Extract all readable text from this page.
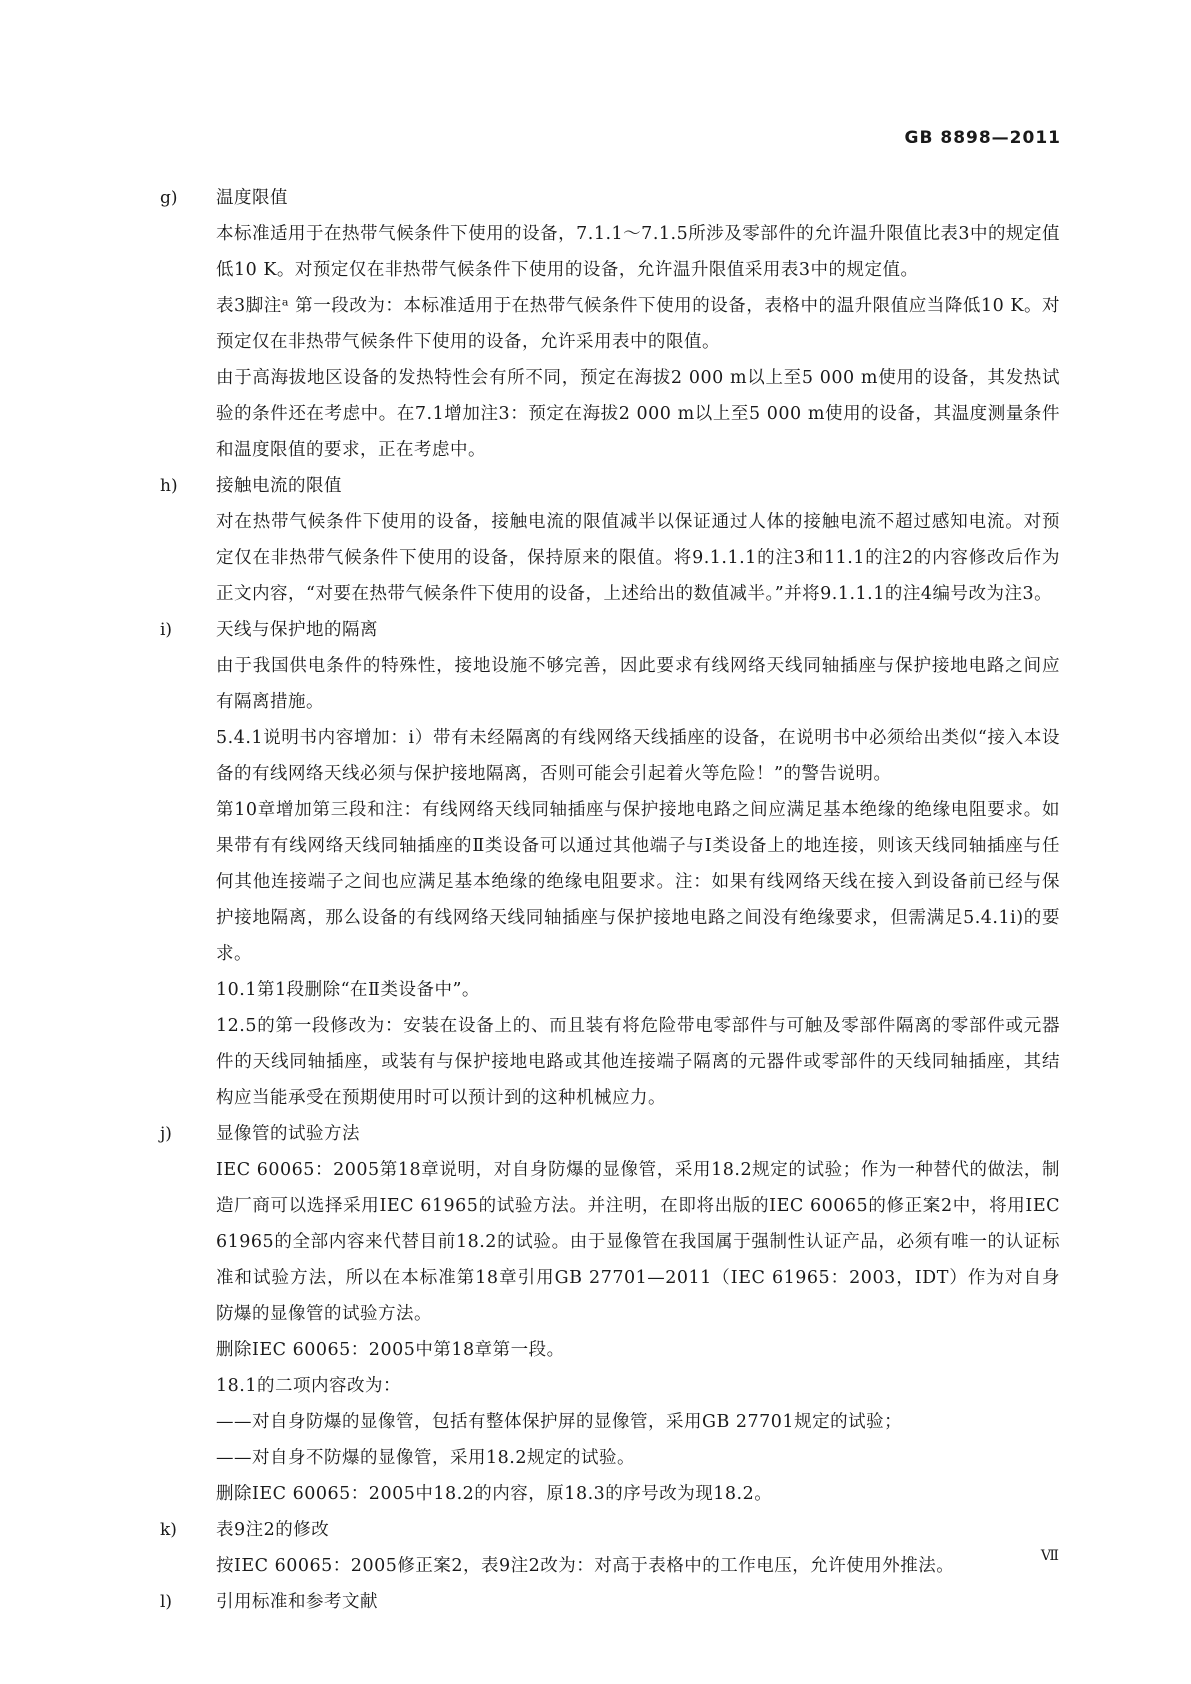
GB 8898—2011
g) 温度限值

本标准适用于在热带气候条件下使用的设备，7.1.1～7.1.5所涉及零部件的允许温升限值比表3中的规定值低10 K。对预定仅在非热带气候条件下使用的设备，允许温升限值采用表3中的规定值。

表3脚注ᵃ 第一段改为：本标准适用于在热带气候条件下使用的设备，表格中的温升限值应当降低10 K。对预定仅在非热带气候条件下使用的设备，允许采用表中的限值。

由于高海拔地区设备的发热特性会有所不同，预定在海拔2 000 m以上至5 000 m使用的设备，其发热试验的条件还在考虑中。在7.1增加注3：预定在海拔2 000 m以上至5 000 m使用的设备，其温度测量条件和温度限值的要求，正在考虑中。

h) 接触电流的限值

对在热带气候条件下使用的设备，接触电流的限值减半以保证通过人体的接触电流不超过感知电流。对预定仅在非热带气候条件下使用的设备，保持原来的限值。将9.1.1.1的注3和11.1的注2的内容修改后作为正文内容，“对要在热带气候条件下使用的设备，上述给出的数值减半。”并将9.1.1.1的注4编号改为注3。

i)	天线与保护地的隔离

由于我国供电条件的特殊性，接地设施不够完善，因此要求有线网络天线同轴插座与保护接地电路之间应有隔离措施。

5.4.1说明书内容增加：i）带有未经隔离的有线网络天线插座的设备，在说明书中必须给出类似“接入本设备的有线网络天线必须与保护接地隔离，否则可能会引起着火等危险！”的警告说明。

第10章增加第三段和注：有线网络天线同轴插座与保护接地电路之间应满足基本绝缘的绝缘电阻要求。如果带有有线网络天线同轴插座的Ⅱ类设备可以通过其他端子与Ⅰ类设备上的地连接，则该天线同轴插座与任何其他连接端子之间也应满足基本绝缘的绝缘电阻要求。注：如果有线网络天线在接入到设备前已经与保护接地隔离，那么设备的有线网络天线同轴插座与保护接地电路之间没有绝缘要求，但需满足5.4.1i)的要求。

10.1第1段删除“在Ⅱ类设备中”。

12.5的第一段修改为：安装在设备上的、而且装有将危险带电零部件与可触及零部件隔离的零部件或元器件的天线同轴插座，或装有与保护接地电路或其他连接端子隔离的元器件或零部件的天线同轴插座，其结构应当能承受在预期使用时可以预计到的这种机械应力。

j)	显像管的试验方法

IEC 60065：2005第18章说明，对自身防爆的显像管，采用18.2规定的试验；作为一种替代的做法，制造厂商可以选择采用IEC 61965的试验方法。并注明，在即将出版的IEC 60065的修正案2中，将用IEC 61965的全部内容来代替目前18.2的试验。由于显像管在我国属于强制性认证产品，必须有唯一的认证标准和试验方法，所以在本标准第18章引用GB 27701—2011（IEC 61965：2003，IDT）作为对自身防爆的显像管的试验方法。

删除IEC 60065：2005中第18章第一段。

18.1的二项内容改为：

——对自身防爆的显像管，包括有整体保护屏的显像管，采用GB 27701规定的试验；

——对自身不防爆的显像管，采用18.2规定的试验。

删除IEC 60065：2005中18.2的内容，原18.3的序号改为现18.2。

k) 表9注2的修改

按IEC 60065：2005修正案2，表9注2改为：对高于表格中的工作电压，允许使用外推法。

l)	引用标准和参考文献

Ⅶ
